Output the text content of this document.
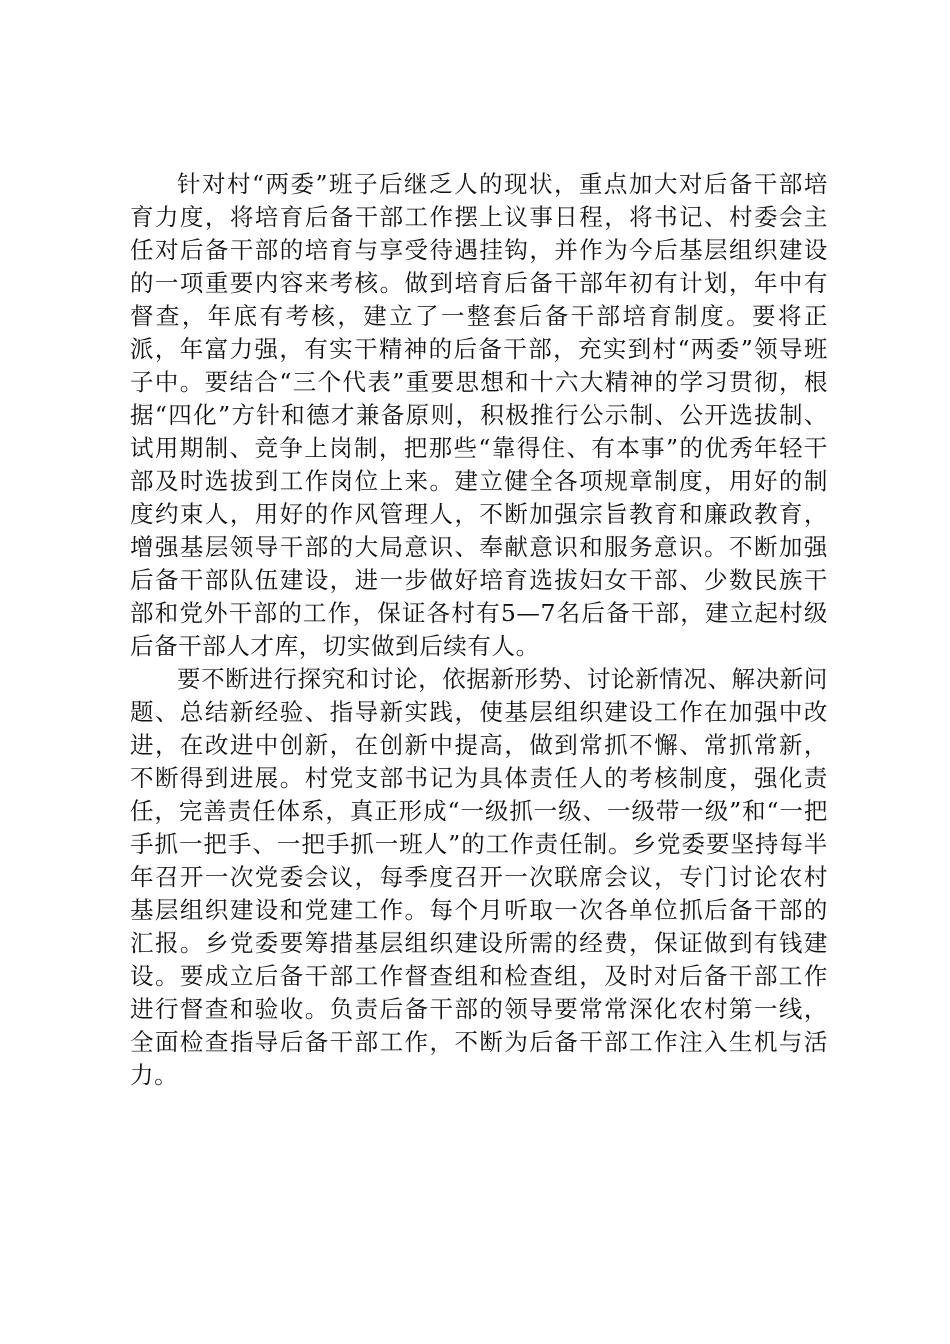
针对村“两委”班子后继乏人的现状，重点加大对后备干部培育力度，将培育后备干部工作摆上议事日程，将书记、村委会主任对后备干部的培育与享受待遇挂钩，并作为今后基层组织建设的一项重要内容来考核。做到培育后备干部年初有计划，年中有督查，年底有考核，建立了一整套后备干部培育制度。要将正派，年富力强，有实干精神的后备干部，充实到村“两委”领导班子中。要结合“三个代表”重要思想和十六大精神的学习贯彻，根据“四化”方针和德才兼备原则，积极推行公示制、公开选拔制、试用期制、竞争上岗制，把那些“靠得住、有本事”的优秀年轻干部及时选拔到工作岗位上来。建立健全各项规章制度，用好的制度约束人，用好的作风管理人，不断加强宗旨教育和廉政教育，增强基层领导干部的大局意识、奉献意识和服务意识。不断加强后备干部队伍建设，进一步做好培育选拔妇女干部、少数民族干部和党外干部的工作，保证各村有5—7名后备干部，建立起村级后备干部人才库，切实做到后续有人。

要不断进行探究和讨论，依据新形势、讨论新情况、解决新问题、总结新经验、指导新实践，使基层组织建设工作在加强中改进，在改进中创新，在创新中提高，做到常抓不懈、常抓常新，不断得到进展。村党支部书记为具体责任人的考核制度，强化责任，完善责任体系，真正形成“一级抓一级、一级带一级”和“一把手抓一把手、一把手抓一班人”的工作责任制。乡党委要坚持每半年召开一次党委会议，每季度召开一次联席会议，专门讨论农村基层组织建设和党建工作。每个月听取一次各单位抓后备干部的汇报。乡党委要筹措基层组织建设所需的经费，保证做到有钱建设。要成立后备干部工作督查组和检查组，及时对后备干部工作进行督查和验收。负责后备干部的领导要常常深化农村第一线，全面检查指导后备干部工作，不断为后备干部工作注入生机与活力。
